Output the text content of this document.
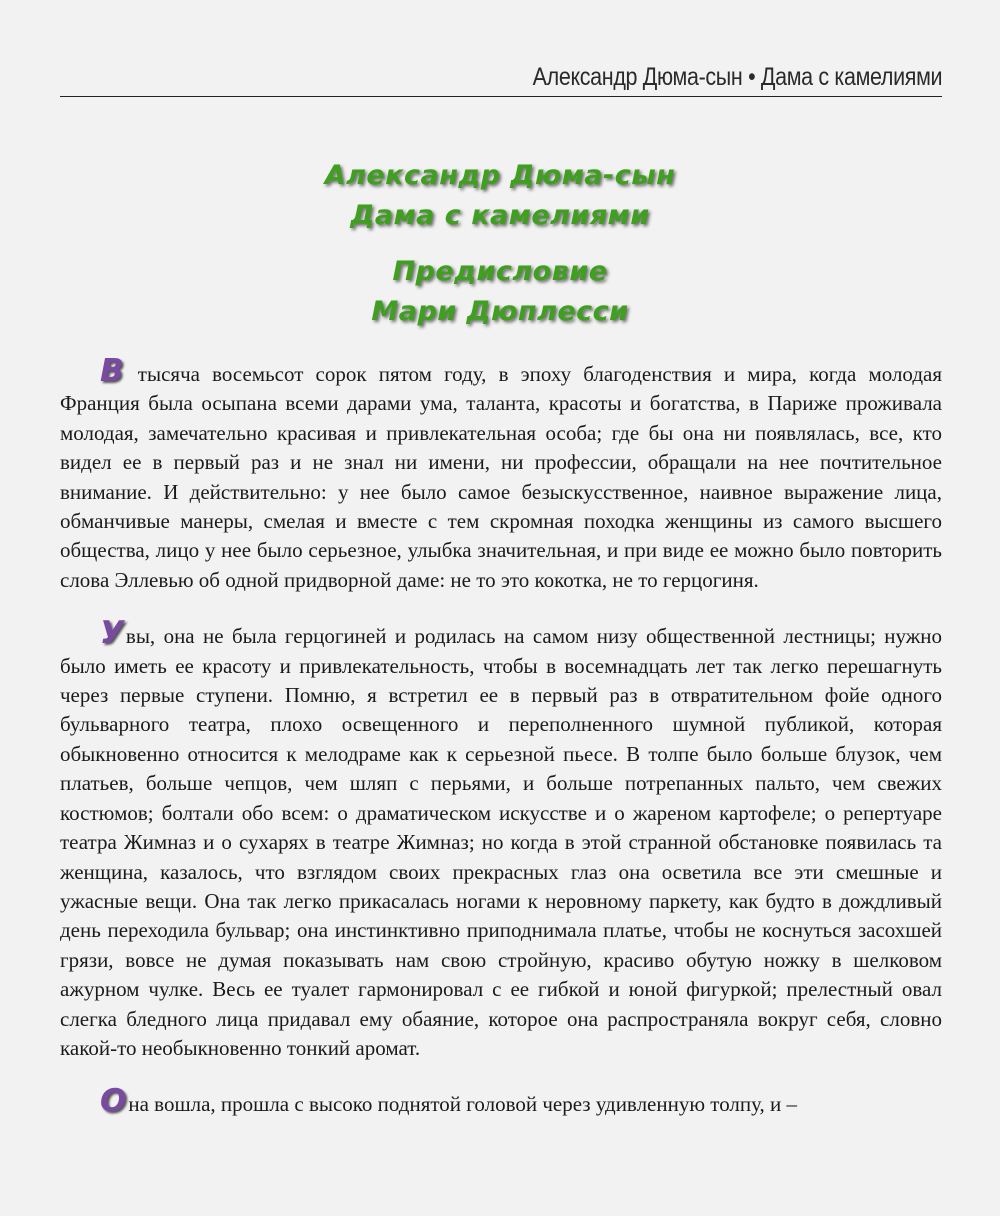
Александр Дюма-сын • Дама с камелиями
Александр Дюма-сын
Дама с камелиями
Предисловие
Мари Дюплесси

В тысяча восемьсот сорок пятом году, в эпоху благоденствия и мира, когда молодая Франция была осыпана всеми дарами ума, таланта, красоты и богатства, в Париже проживала молодая, замечательно красивая и привлекательная особа; где бы она ни появлялась, все, кто видел ее в первый раз и не знал ни имени, ни профессии, обращали на нее почтительное внимание. И действительно: у нее было самое безыскусственное, наивное выражение лица, обманчивые манеры, смелая и вместе с тем скромная походка женщины из самого высшего общества, лицо у нее было серьезное, улыбка значительная, и при виде ее можно было повторить слова Эллевью об одной придворной даме: не то это кокотка, не то герцогиня.

Увы, она не была герцогиней и родилась на самом низу общественной лестницы; нужно было иметь ее красоту и привлекательность, чтобы в восемнадцать лет так легко перешагнуть через первые ступени. Помню, я встретил ее в первый раз в отвратительном фойе одного бульварного театра, плохо освещенного и переполненного шумной публикой, которая обыкновенно относится к мелодраме как к серьезной пьесе. В толпе было больше блузок, чем платьев, больше чепцов, чем шляп с перьями, и больше потрепанных пальто, чем свежих костюмов; болтали обо всем: о драматическом искусстве и о жареном картофеле; о репертуаре театра Жимназ и о сухарях в театре Жимназ; но когда в этой странной обстановке появилась та женщина, казалось, что взглядом своих прекрасных глаз она осветила все эти смешные и ужасные вещи. Она так легко прикасалась ногами к неровному паркету, как будто в дождливый день переходила бульвар; она инстинктивно приподнимала платье, чтобы не коснуться засохшей грязи, вовсе не думая показывать нам свою стройную, красиво обутую ножку в шелковом ажурном чулке. Весь ее туалет гармонировал с ее гибкой и юной фигуркой; прелестный овал слегка бледного лица придавал ему обаяние, которое она распространяла вокруг себя, словно какой-то необыкновенно тонкий аромат.

Она вошла, прошла с высоко поднятой головой через удивленную толпу, и –
